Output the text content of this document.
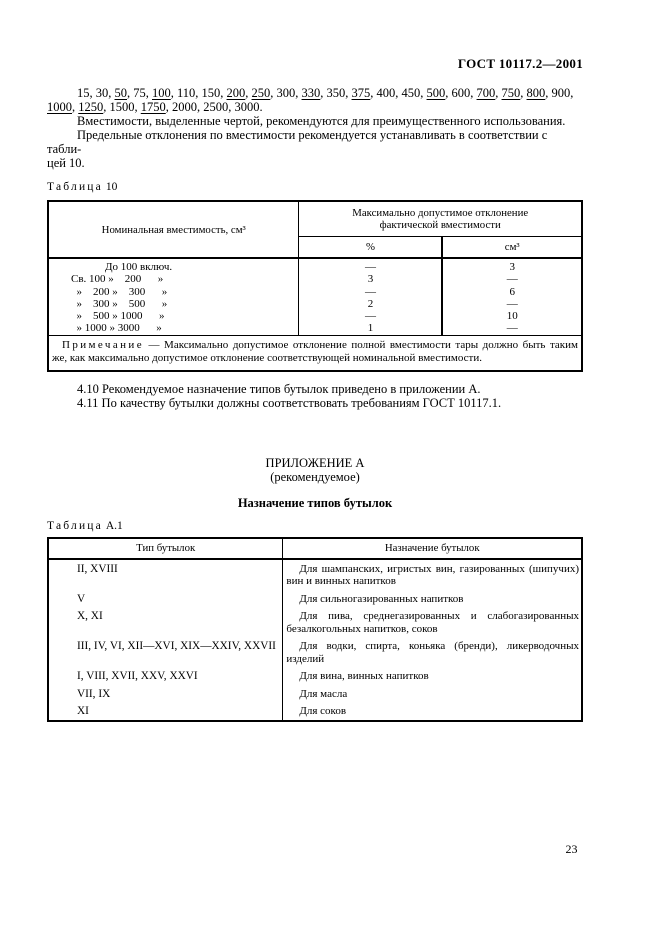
ГОСТ 10117.2—2001
15, 30, 50, 75, 100, 110, 150, 200, 250, 300, 330, 350, 375, 400, 450, 500, 600, 700, 750, 800, 900,
1000, 1250, 1500, 1750, 2000, 2500, 3000.
Вместимости, выделенные чертой, рекомендуются для преимущественного использования.
Предельные отклонения по вместимости рекомендуется устанавливать в соответствии с табли-
цей 10.
Таблица 10
Номинальная вместимость, см³	Максимально допустимое отклонение фактической вместимости	
	%	см³
До 100 включ.	—	3
Св. 100 »    200      »	3	—
»    200 »    300      »	—	6
»    300 »    500      »	2	—
»    500 » 1000      »	—	10
» 1000 » 3000      »	1	—
Примечание — Максимально допустимое отклонение полной вместимости тары должно быть таким же, как максимально допустимое отклонение соответствующей номинальной вместимости.		
4.10 Рекомендуемое назначение типов бутылок приведено в приложении А.
4.11 По качеству бутылки должны соответствовать требованиям ГОСТ 10117.1.
ПРИЛОЖЕНИЕ А
(рекомендуемое)
Назначение типов бутылок
Таблица А.1
Тип бутылок	Назначение бутылок
II, XVIII	Для шампанских, игристых вин, газированных (шипучих) вин и винных напитков
V	Для сильногазированных напитков
X, XI	Для пива, среднегазированных и слабогазированных безалкогольных напитков, соков
III, IV, VI, XII—XVI, XIX—XXIV, XXVII	Для водки, спирта, коньяка (бренди), ликерводочных изделий
I, VIII, XVII, XXV, XXVI	Для вина, винных напитков
VII, IX	Для масла
XI	Для соков
23
